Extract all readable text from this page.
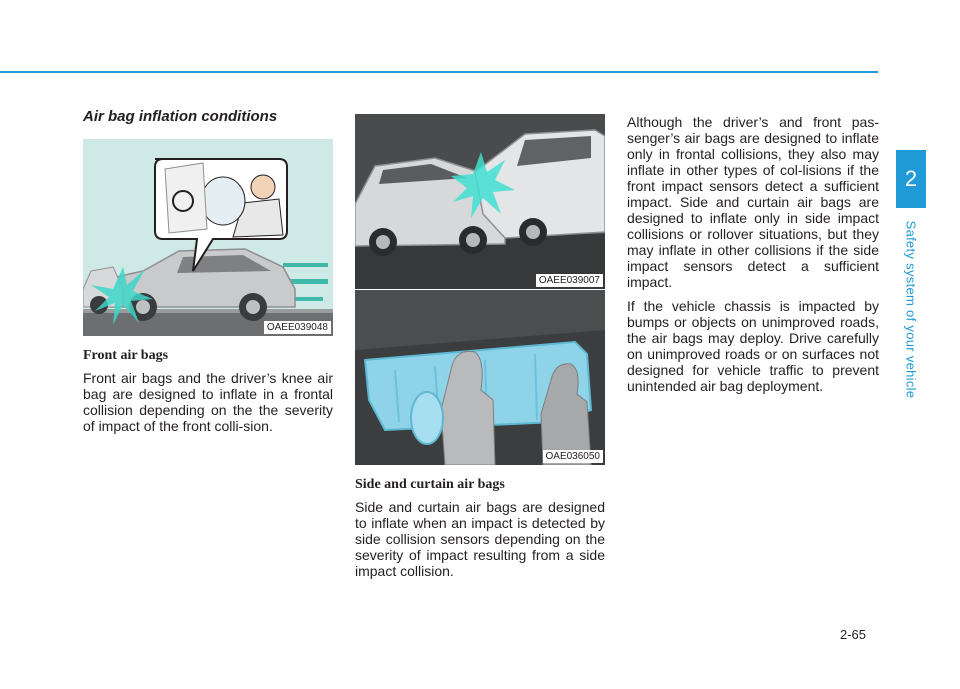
Air bag inflation conditions
OAEE039048
Front air bags

Front air bags and the driver’s knee air bag are designed to inflate in a frontal collision depending on the the severity of impact of the front colli-sion.

OAEE039007
OAE036050
Side and curtain air bags

Side and curtain air bags are designed to inflate when an impact is detected by side collision sensors depending on the severity of impact resulting from a side impact collision.

Although the driver’s and front pas-senger’s air bags are designed to inflate only in frontal collisions, they also may inflate in other types of col-lisions if the front impact sensors detect a sufficient impact. Side and curtain air bags are designed to inflate only in side impact collisions or rollover situations, but they may inflate in other collisions if the side impact sensors detect a sufficient impact.

If the vehicle chassis is impacted by bumps or objects on unimproved roads, the air bags may deploy. Drive carefully on unimproved roads or on surfaces not designed for vehicle traffic to prevent unintended air bag deployment.

2
Safety system of your vehicle
2-65
